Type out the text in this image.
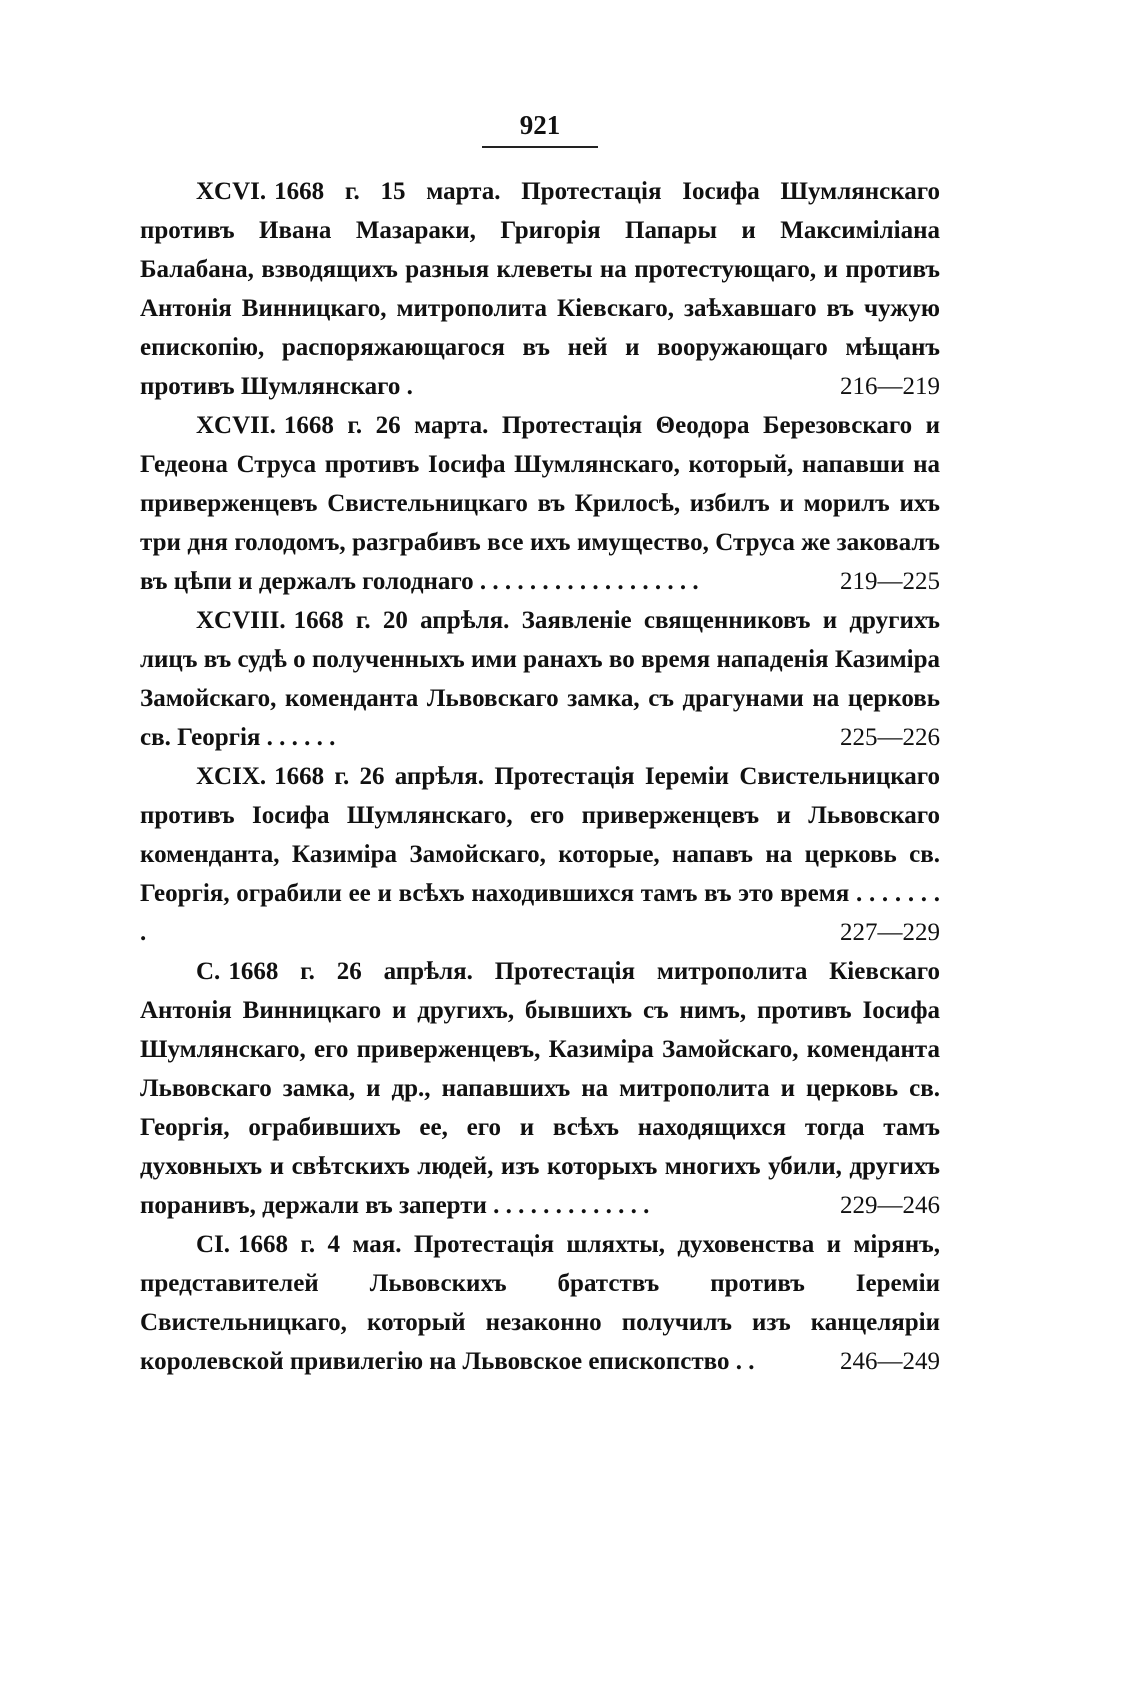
921

XCVI. 1668 г. 15 марта. Протестація Іосифа Шумлянскаго противъ Ивана Мазараки, Григорія Папары и Максиміліана Балабана, взводящихъ разныя клеветы на протестующаго, и противъ Антонія Винницкаго, митрополита Кіевскаго, заѣхавшаго въ чужую епископію, распоряжающагося въ ней и вооружающаго мѣщанъ противъ Шумлянскаго .	216—219

XCVII. 1668 г. 26 марта. Протестація Θеодора Березовскаго и Гедеона Струса противъ Іосифа Шумлянскаго, который, напавши на приверженцевъ Свистельницкаго въ Крилосѣ, избилъ и морилъ ихъ три дня голодомъ, разграбивъ все ихъ имущество, Струса же заковалъ въ цѣпи и держалъ голоднаго . . . . . . . . . . . . . . . . . .	219—225

XCVIII. 1668 г. 20 апрѣля. Заявленіе священниковъ и другихъ лицъ въ судѣ о полученныхъ ими ранахъ во время нападенія Казиміра Замойскаго, коменданта Львовскаго замка, съ драгунами на церковь св. Георгія . . . . . .	225—226

XCIX. 1668 г. 26 апрѣля. Протестація Іереміи Свистельницкаго противъ Іосифа Шумлянскаго, его приверженцевъ и Львовскаго коменданта, Казиміра Замойскаго, которые, напавъ на церковь св. Георгія, ограбили ее и всѣхъ находившихся тамъ въ это время . . . . . . . .	227—229

C. 1668 г. 26 апрѣля. Протестація митрополита Кіевскаго Антонія Винницкаго и другихъ, бывшихъ съ нимъ, противъ Іосифа Шумлянскаго, его приверженцевъ, Казиміра Замойскаго, коменданта Львовскаго замка, и др., напавшихъ на митрополита и церковь св. Георгія, ограбившихъ ее, его и всѣхъ находящихся тогда тамъ духовныхъ и свѣтскихъ людей, изъ которыхъ многихъ убили, другихъ поранивъ, держали въ заперти . . . . . . . . . . . . .	229—246

CI. 1668 г. 4 мая. Протестація шляхты, духовенства и мірянъ, представителей Львовскихъ братствъ противъ Іереміи Свистельницкаго, который незаконно получилъ изъ канцеляріи королевской привилегію на Львовское епископство . .	246—249
